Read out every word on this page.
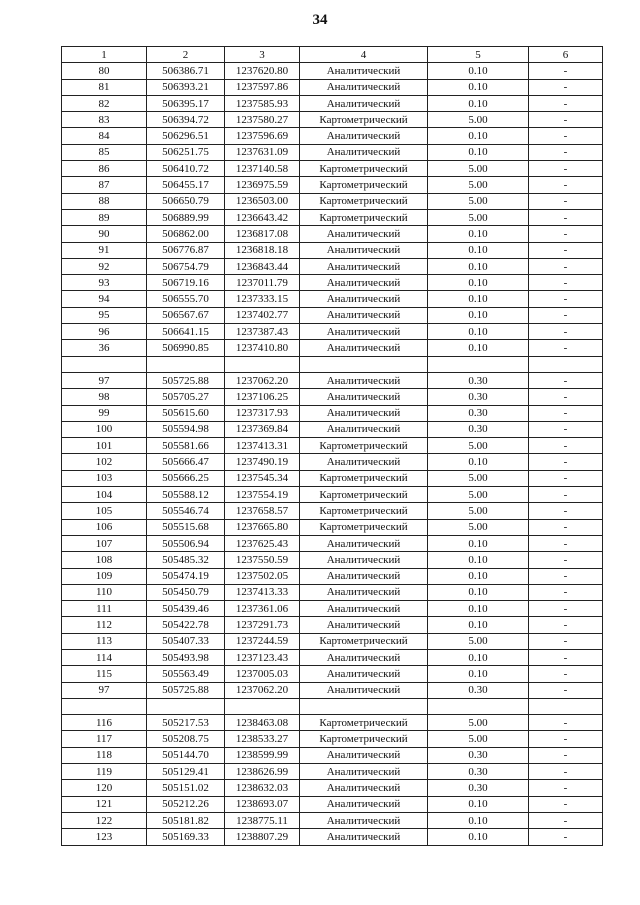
34
1	2	3	4	5	6
80	506386.71	1237620.80	Аналитический	0.10	-
81	506393.21	1237597.86	Аналитический	0.10	-
82	506395.17	1237585.93	Аналитический	0.10	-
83	506394.72	1237580.27	Картометрический	5.00	-
84	506296.51	1237596.69	Аналитический	0.10	-
85	506251.75	1237631.09	Аналитический	0.10	-
86	506410.72	1237140.58	Картометрический	5.00	-
87	506455.17	1236975.59	Картометрический	5.00	-
88	506650.79	1236503.00	Картометрический	5.00	-
89	506889.99	1236643.42	Картометрический	5.00	-
90	506862.00	1236817.08	Аналитический	0.10	-
91	506776.87	1236818.18	Аналитический	0.10	-
92	506754.79	1236843.44	Аналитический	0.10	-
93	506719.16	1237011.79	Аналитический	0.10	-
94	506555.70	1237333.15	Аналитический	0.10	-
95	506567.67	1237402.77	Аналитический	0.10	-
96	506641.15	1237387.43	Аналитический	0.10	-
36	506990.85	1237410.80	Аналитический	0.10	-

97	505725.88	1237062.20	Аналитический	0.30	-
98	505705.27	1237106.25	Аналитический	0.30	-
99	505615.60	1237317.93	Аналитический	0.30	-
100	505594.98	1237369.84	Аналитический	0.30	-
101	505581.66	1237413.31	Картометрический	5.00	-
102	505666.47	1237490.19	Аналитический	0.10	-
103	505666.25	1237545.34	Картометрический	5.00	-
104	505588.12	1237554.19	Картометрический	5.00	-
105	505546.74	1237658.57	Картометрический	5.00	-
106	505515.68	1237665.80	Картометрический	5.00	-
107	505506.94	1237625.43	Аналитический	0.10	-
108	505485.32	1237550.59	Аналитический	0.10	-
109	505474.19	1237502.05	Аналитический	0.10	-
110	505450.79	1237413.33	Аналитический	0.10	-
111	505439.46	1237361.06	Аналитический	0.10	-
112	505422.78	1237291.73	Аналитический	0.10	-
113	505407.33	1237244.59	Картометрический	5.00	-
114	505493.98	1237123.43	Аналитический	0.10	-
115	505563.49	1237005.03	Аналитический	0.10	-
97	505725.88	1237062.20	Аналитический	0.30	-

116	505217.53	1238463.08	Картометрический	5.00	-
117	505208.75	1238533.27	Картометрический	5.00	-
118	505144.70	1238599.99	Аналитический	0.30	-
119	505129.41	1238626.99	Аналитический	0.30	-
120	505151.02	1238632.03	Аналитический	0.30	-
121	505212.26	1238693.07	Аналитический	0.10	-
122	505181.82	1238775.11	Аналитический	0.10	-
123	505169.33	1238807.29	Аналитический	0.10	-
